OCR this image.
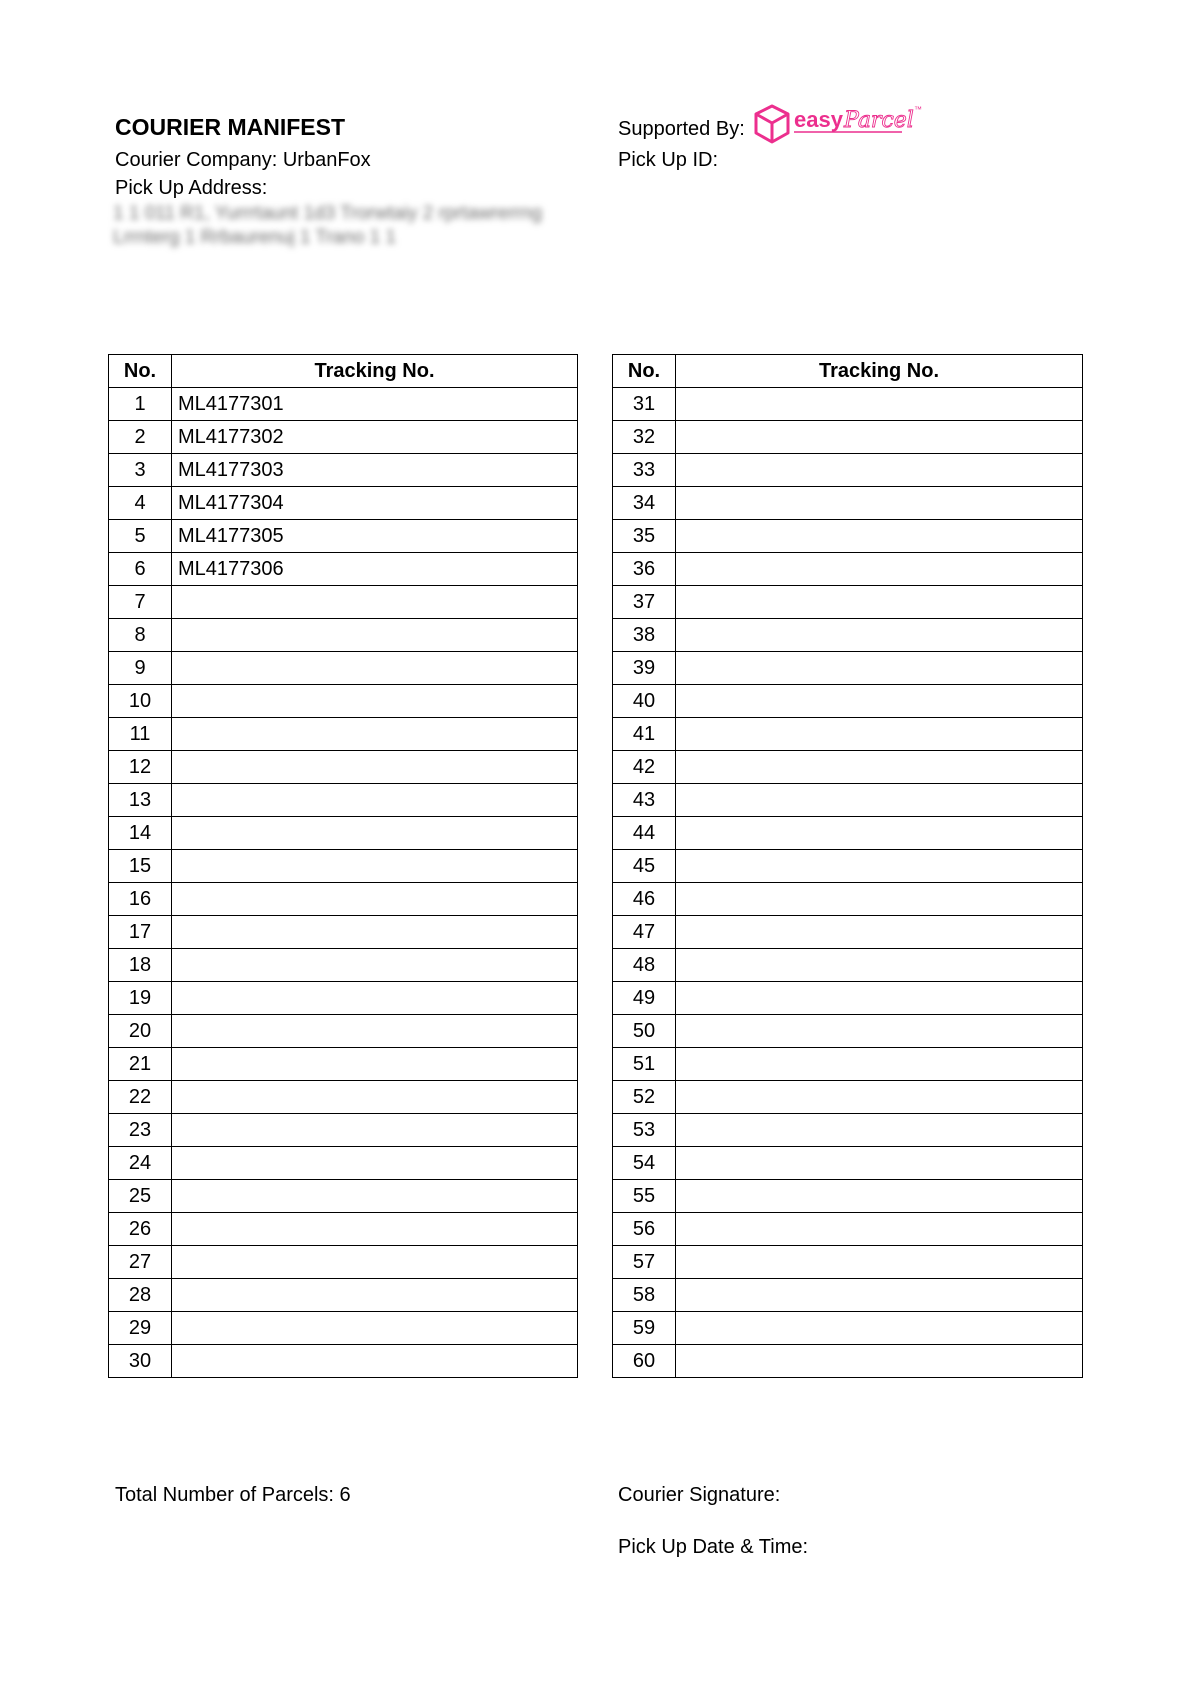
COURIER MANIFEST
Courier Company: UrbanFox
Pick Up Address:
1 1 011 R1, Yurrrtaunt 1d3 Trorwtaiy 2 rprtawrerrng
Lrrnterg 1 Rrbaurenuj 1 Trano 1 1
Supported By:
Pick Up ID:
easy Parcel ™
No.	Tracking No.
1	ML4177301
2	ML4177302
3	ML4177303
4	ML4177304
5	ML4177305
6	ML4177306
7	
8	
9	
10	
11	
12	
13	
14	
15	
16	
17	
18	
19	
20	
21	
22	
23	
24	
25	
26	
27	
28	
29	
30	
No.	Tracking No.
31	
32	
33	
34	
35	
36	
37	
38	
39	
40	
41	
42	
43	
44	
45	
46	
47	
48	
49	
50	
51	
52	
53	
54	
55	
56	
57	
58	
59	
60	
Total Number of Parcels: 6	Courier Signature:
Pick Up Date & Time:
